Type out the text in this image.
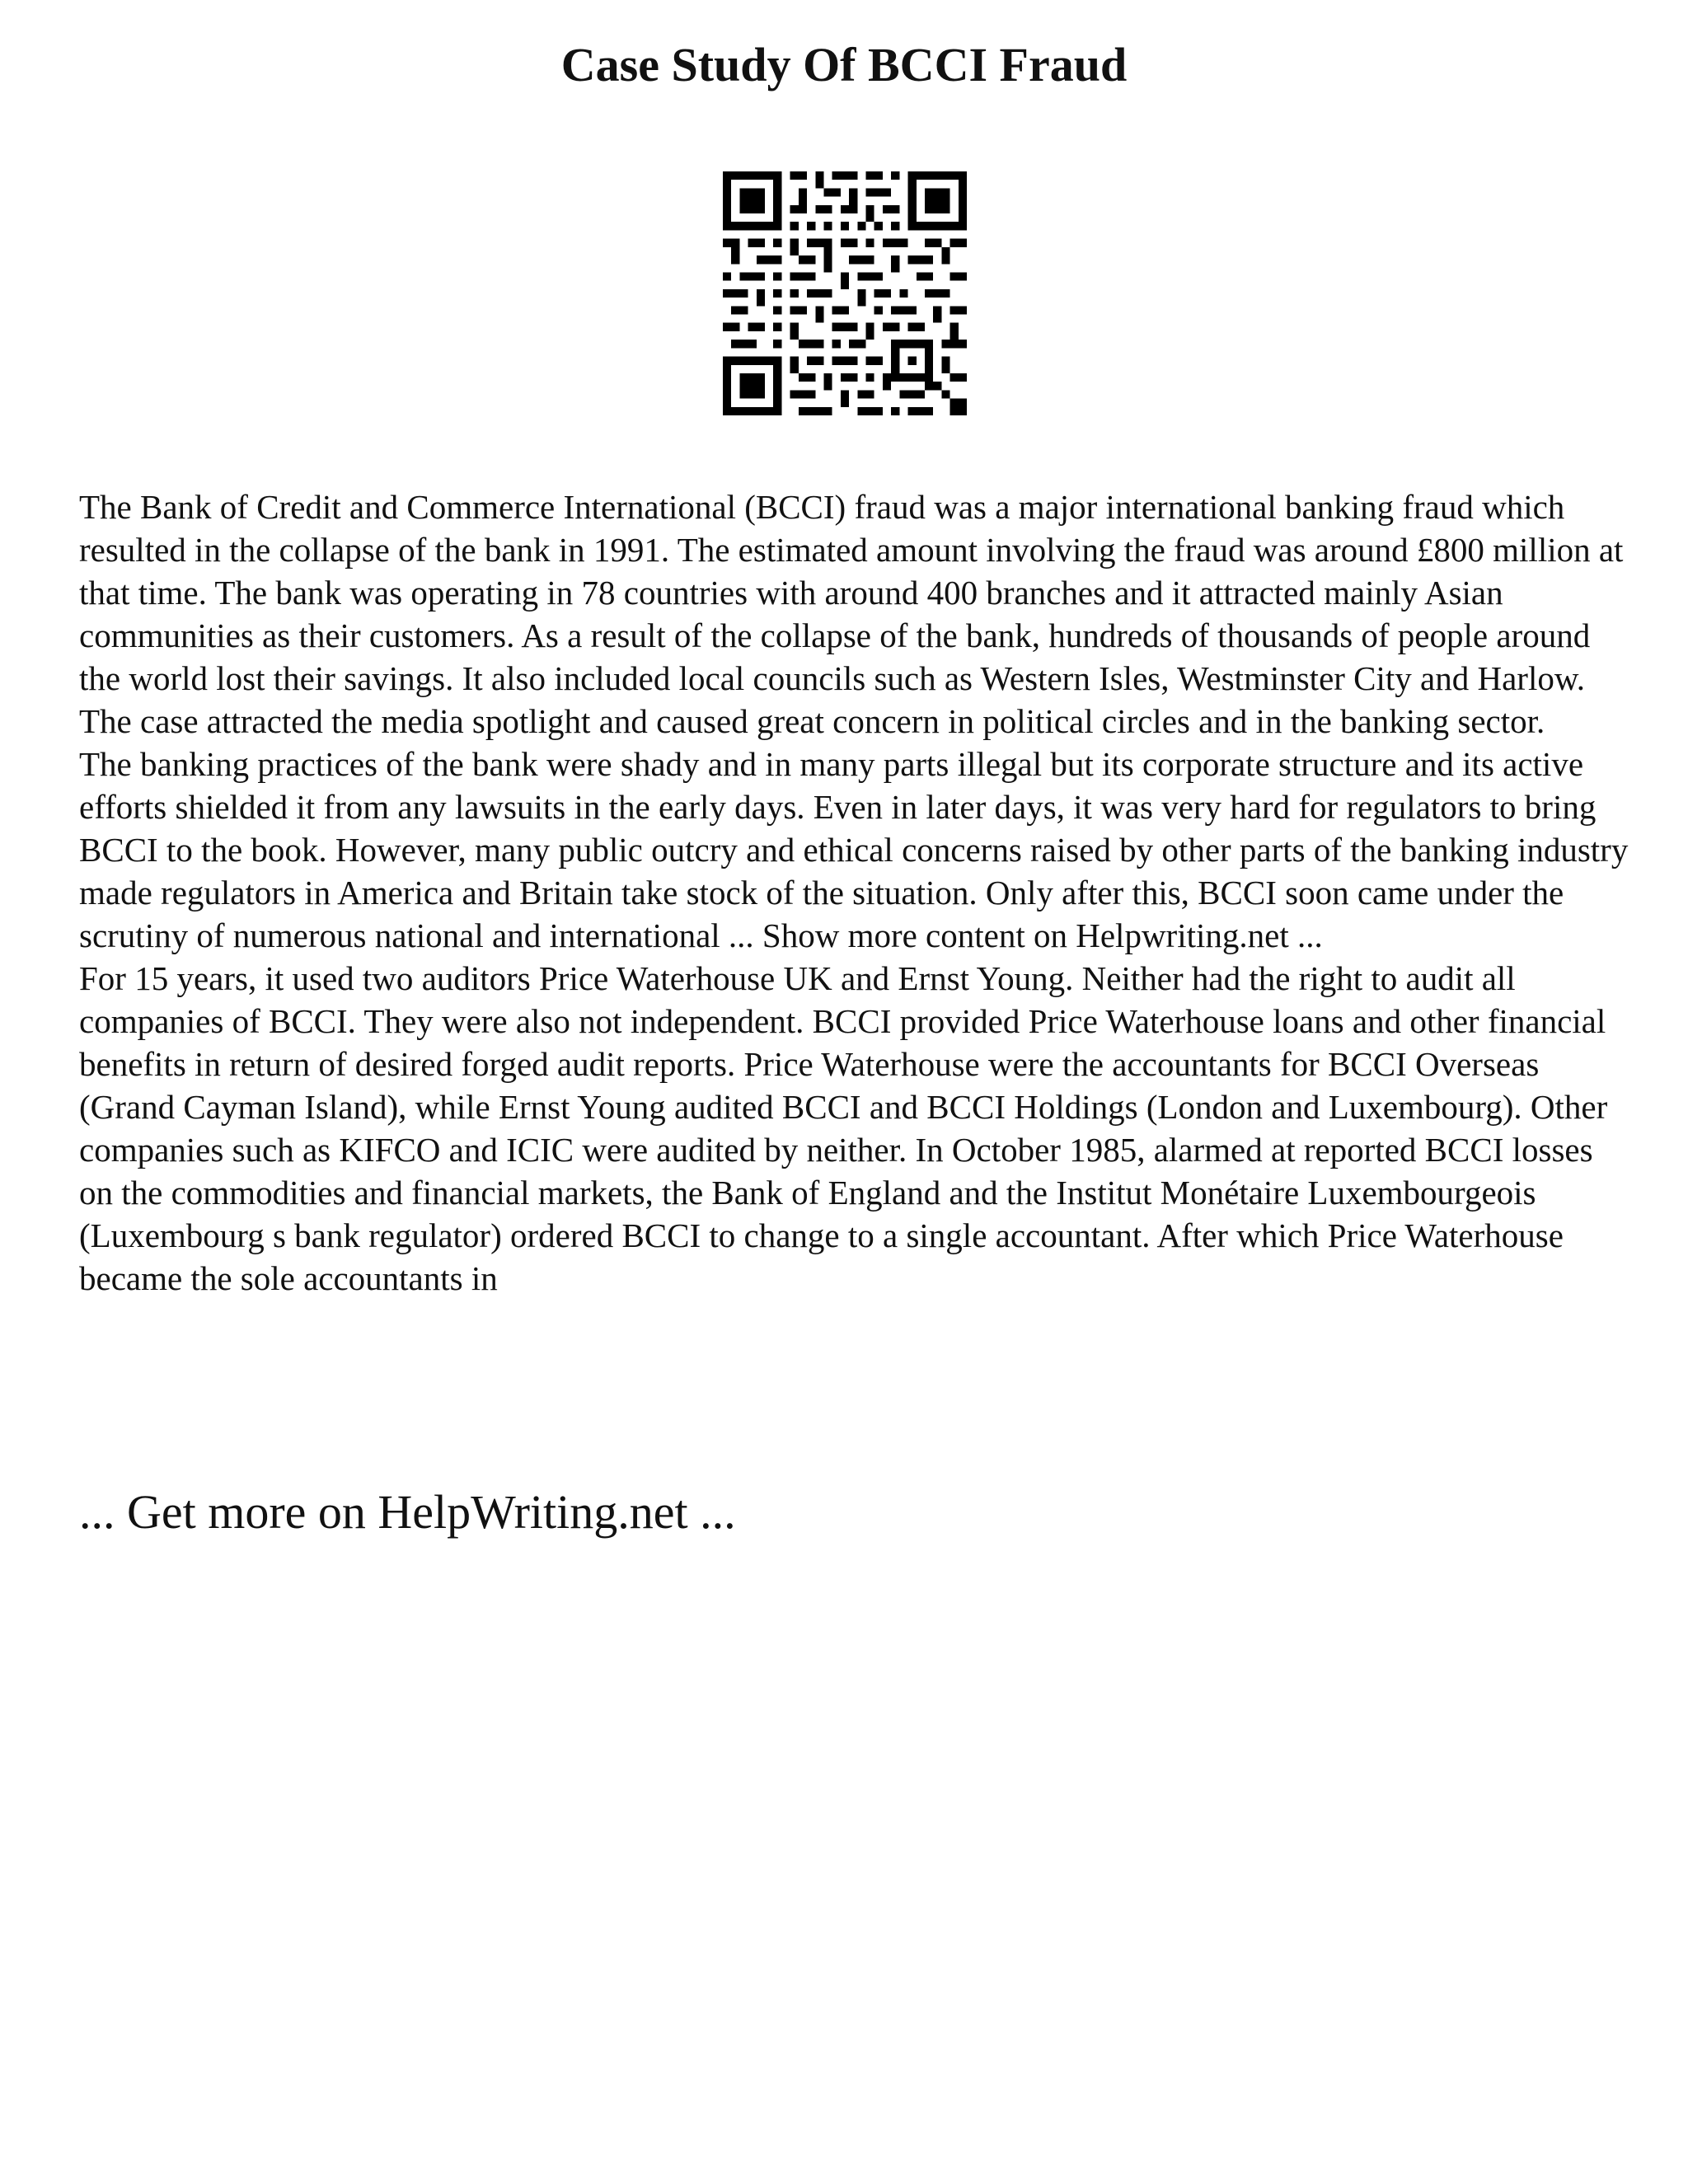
Case Study Of BCCI Fraud

The Bank of Credit and Commerce International (BCCI) fraud was a major international banking fraud which resulted in the collapse of the bank in 1991. The estimated amount involving the fraud was around £800 million at that time. The bank was operating in 78 countries with around 400 branches and it attracted mainly Asian communities as their customers. As a result of the collapse of the bank, hundreds of thousands of people around the world lost their savings. It also included local councils such as Western Isles, Westminster City and Harlow. The case attracted the media spotlight and caused great concern in political circles and in the banking sector.

The banking practices of the bank were shady and in many parts illegal but its corporate structure and its active efforts shielded it from any lawsuits in the early days. Even in later days, it was very hard for regulators to bring BCCI to the book. However, many public outcry and ethical concerns raised by other parts of the banking industry made regulators in America and Britain take stock of the situation. Only after this, BCCI soon came under the scrutiny of numerous national and international ... Show more content on Helpwriting.net ...

For 15 years, it used two auditors Price Waterhouse UK and Ernst Young. Neither had the right to audit all companies of BCCI. They were also not independent. BCCI provided Price Waterhouse loans and other financial benefits in return of desired forged audit reports. Price Waterhouse were the accountants for BCCI Overseas (Grand Cayman Island), while Ernst Young audited BCCI and BCCI Holdings (London and Luxembourg). Other companies such as KIFCO and ICIC were audited by neither. In October 1985, alarmed at reported BCCI losses on the commodities and financial markets, the Bank of England and the Institut Monétaire Luxembourgeois (Luxembourg s bank regulator) ordered BCCI to change to a single accountant. After which Price Waterhouse became the sole accountants in

... Get more on HelpWriting.net ...
